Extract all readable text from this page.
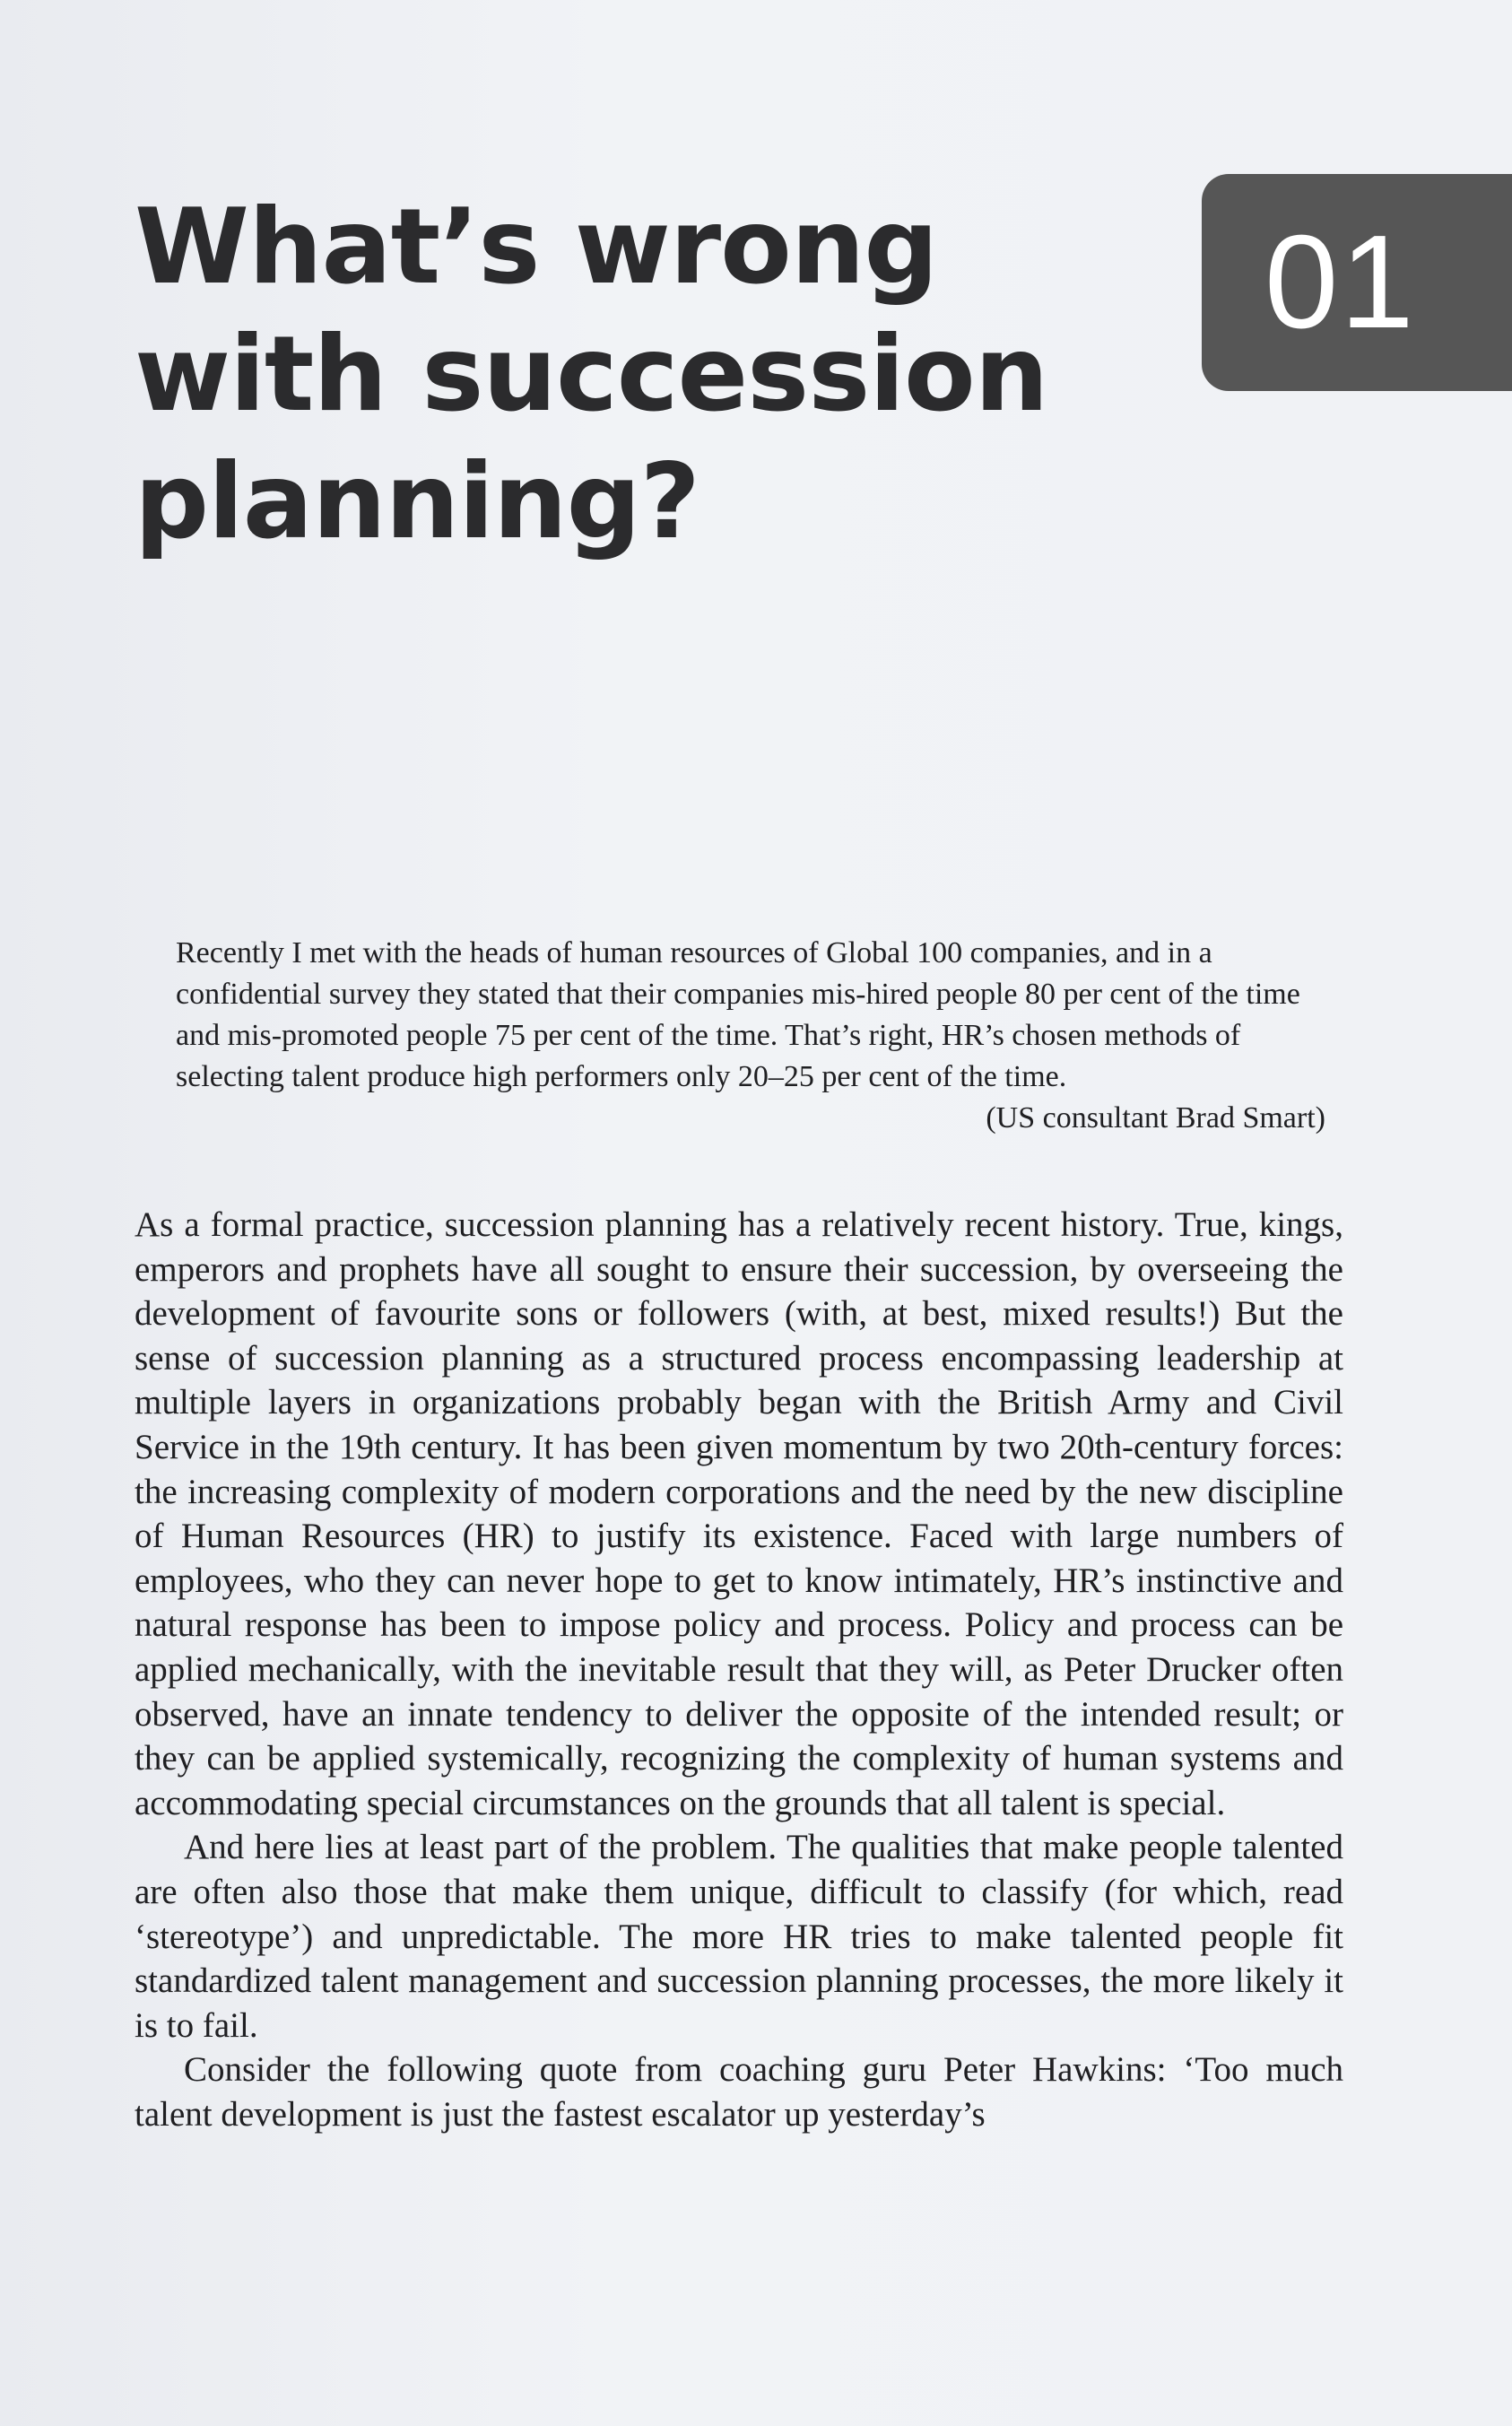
01
What’s wrong with succession planning?

Recently I met with the heads of human resources of Global 100 companies, and in a confidential survey they stated that their companies mis-hired people 80 per cent of the time and mis-promoted people 75 per cent of the time. That’s right, HR’s chosen methods of selecting talent produce high performers only 20–25 per cent of the time.

(US consultant Brad Smart)

As a formal practice, succession planning has a relatively recent history. True, kings, emperors and prophets have all sought to ensure their succession, by overseeing the development of favourite sons or followers (with, at best, mixed results!) But the sense of succession planning as a structured process encompassing leadership at multiple layers in organizations probably began with the British Army and Civil Service in the 19th century. It has been given momentum by two 20th-century forces: the increasing complexity of modern corporations and the need by the new discipline of Human Resources (HR) to justify its existence. Faced with large numbers of employees, who they can never hope to get to know intimately, HR’s instinctive and natural response has been to impose policy and process. Policy and process can be applied mechanically, with the inevitable result that they will, as Peter Drucker often observed, have an innate tendency to deliver the opposite of the intended result; or they can be applied systemically, recognizing the complexity of human systems and accommodating special circumstances on the grounds that all talent is special.

And here lies at least part of the problem. The qualities that make people talented are often also those that make them unique, difficult to classify (for which, read ‘stereotype’) and unpredictable. The more HR tries to make talented people fit standardized talent management and succession planning processes, the more likely it is to fail.

Consider the following quote from coaching guru Peter Hawkins: ‘Too much talent development is just the fastest escalator up yesterday’s
